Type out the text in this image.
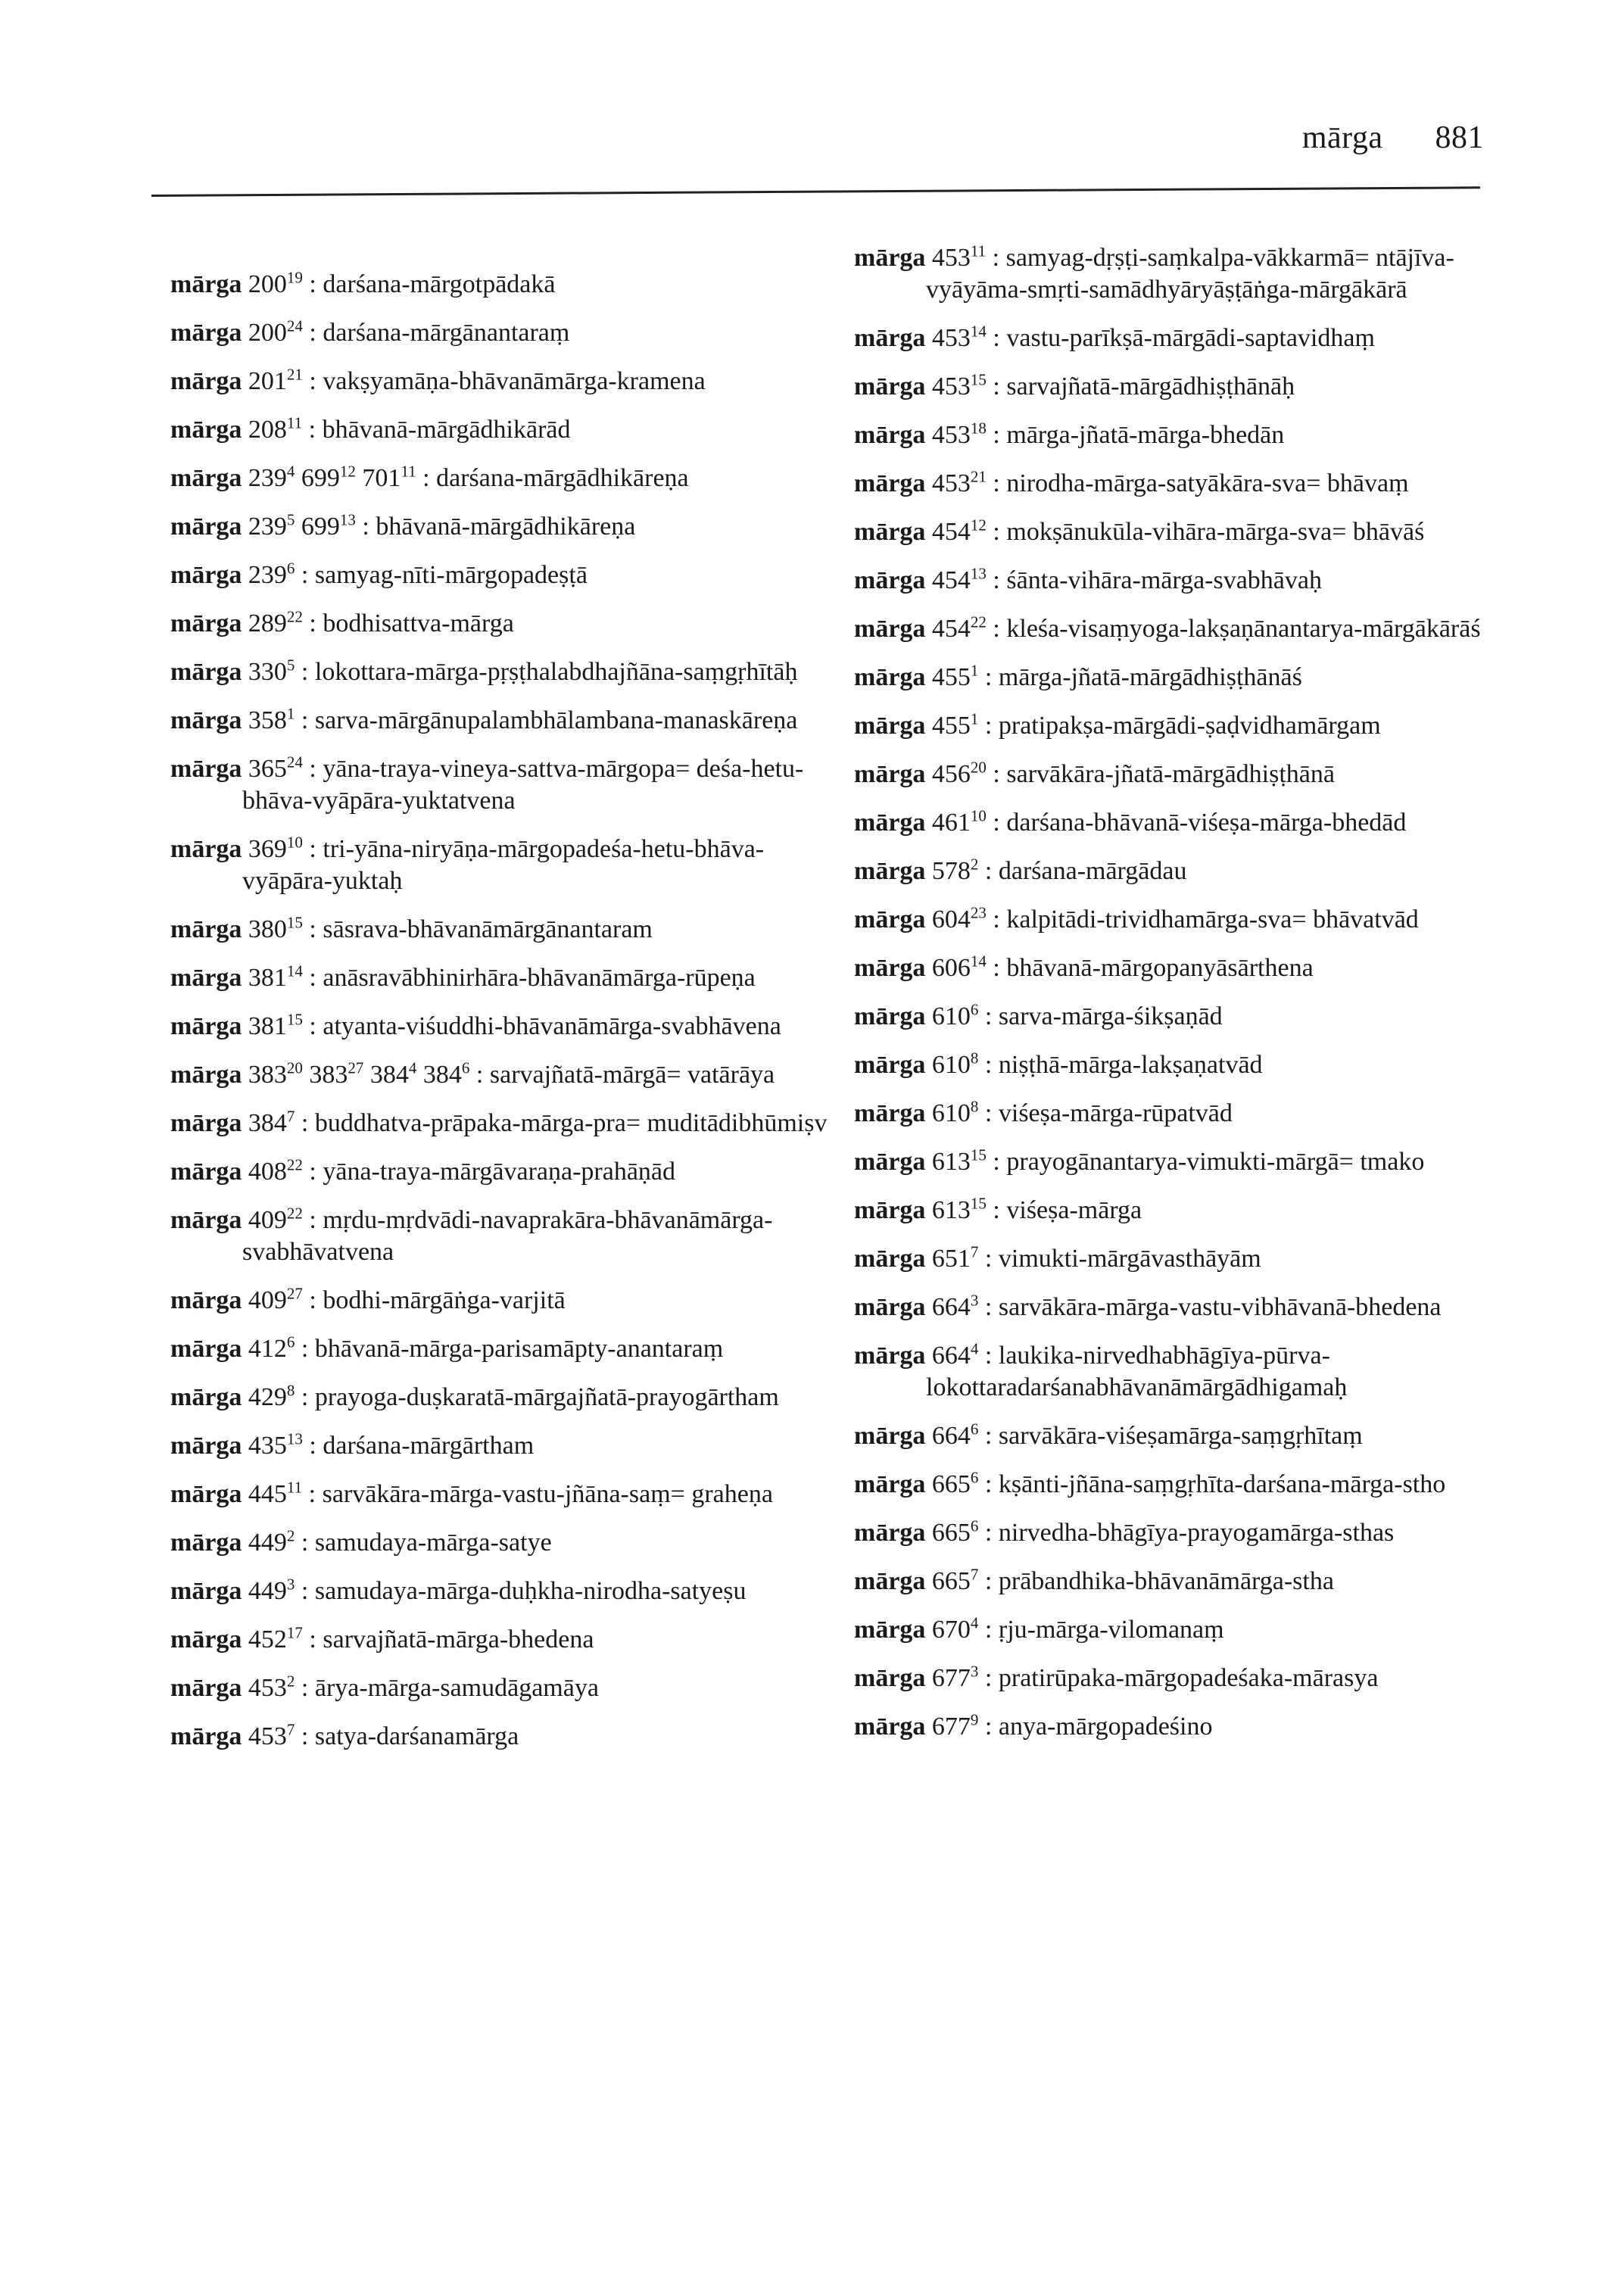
mārga 881
mārga $200^{19}$ : darśana-mārgotpādakā
mārga $200^{24}$ : darśana-mārgānantaraṃ
mārga $201^{21}$ : vakṣyamāṇa-bhāvanāmārga-kramena
mārga $208^{11}$ : bhāvanā-mārgādhikārād
mārga $239^4$ $699^{12}$ $701^{11}$ : darśana-mārgādhikāreṇa
mārga $239^5$ $699^{13}$ : bhāvanā-mārgādhikāreṇa
mārga $239^6$ : samyag-nīti-mārgopadeṣṭā
mārga $289^{22}$ : bodhisattva-mārga
mārga $330^5$ : lokottara-mārga-pṛṣṭhalabdhajñāna-saṃgṛhītāḥ
mārga $358^1$ : sarva-mārgānupalambhālambana-manaskāreṇa
mārga $365^{24}$ : yāna-traya-vineya-sattva-mārgopa= deśa-hetu-bhāva-vyāpāra-yuktatvena
mārga $369^{10}$ : tri-yāna-niryāṇa-mārgopadeśa-hetu-bhāva-vyāpāra-yuktaḥ
mārga $380^{15}$ : sāsrava-bhāvanāmārgānantaram
mārga $381^{14}$ : anāsravābhinirhāra-bhāvanāmārga-rūpeṇa
mārga $381^{15}$ : atyanta-viśuddhi-bhāvanāmārga-svabhāvena
mārga $383^{20}$ $383^{27}$ $384^4$ $384^6$ : sarvajñatā-mārgā= vatārāya
mārga $384^7$ : buddhatva-prāpaka-mārga-pra= muditādibhūmiṣv
mārga $408^{22}$ : yāna-traya-mārgāvaraṇa-prahāṇād
mārga $409^{22}$ : mṛdu-mṛdvādi-navaprakāra-bhāvanāmārga-svabhāvatvena
mārga $409^{27}$ : bodhi-mārgāṅga-varjitā
mārga $412^6$ : bhāvanā-mārga-parisamāpty-anantaraṃ
mārga $429^8$ : prayoga-duṣkaratā-mārgajñatā-prayogārtham
mārga $435^{13}$ : darśana-mārgārtham
mārga $445^{11}$ : sarvākāra-mārga-vastu-jñāna-saṃ= graheṇa
mārga $449^2$ : samudaya-mārga-satye
mārga $449^3$ : samudaya-mārga-duḥkha-nirodha-satyeṣu
mārga $452^{17}$ : sarvajñatā-mārga-bhedena
mārga $453^2$ : ārya-mārga-samudāgamāya
mārga $453^7$ : satya-darśanamārga
mārga $453^{11}$ : samyag-dṛṣṭi-saṃkalpa-vākkarmā= ntājīva-vyāyāma-smṛti-samādhyāryāṣṭāṅga-mārgākārā
mārga $453^{14}$ : vastu-parīkṣā-mārgādi-saptavidhaṃ
mārga $453^{15}$ : sarvajñatā-mārgādhiṣṭhānāḥ
mārga $453^{18}$ : mārga-jñatā-mārga-bhedān
mārga $453^{21}$ : nirodha-mārga-satyākāra-sva= bhāvaṃ
mārga $454^{12}$ : mokṣānukūla-vihāra-mārga-sva= bhāvāś
mārga $454^{13}$ : śānta-vihāra-mārga-svabhāvaḥ
mārga $454^{22}$ : kleśa-visaṃyoga-lakṣaṇānantarya-mārgākārāś
mārga $455^1$ : mārga-jñatā-mārgādhiṣṭhānāś
mārga $455^1$ : pratipakṣa-mārgādi-ṣaḍvidhamārgam
mārga $456^{20}$ : sarvākāra-jñatā-mārgādhiṣṭhānā
mārga $461^{10}$ : darśana-bhāvanā-viśeṣa-mārga-bhedād
mārga $578^2$ : darśana-mārgādau
mārga $604^{23}$ : kalpitādi-trividhamārga-sva= bhāvatvād
mārga $606^{14}$ : bhāvanā-mārgopanyāsārthena
mārga $610^6$ : sarva-mārga-śikṣaṇād
mārga $610^8$ : niṣṭhā-mārga-lakṣaṇatvād
mārga $610^8$ : viśeṣa-mārga-rūpatvād
mārga $613^{15}$ : prayogānantarya-vimukti-mārgā= tmako
mārga $613^{15}$ : viśeṣa-mārga
mārga $651^7$ : vimukti-mārgāvasthāyām
mārga $664^3$ : sarvākāra-mārga-vastu-vibhāvanā-bhedena
mārga $664^4$ : laukika-nirvedhabhāgīya-pūrva-lokottaradarśanabhāvanāmārgādhigamaḥ
mārga $664^6$ : sarvākāra-viśeṣamārga-saṃgṛhītaṃ
mārga $665^6$ : kṣānti-jñāna-saṃgṛhīta-darśana-mārga-stho
mārga $665^6$ : nirvedha-bhāgīya-prayogamārga-sthas
mārga $665^7$ : prābandhika-bhāvanāmārga-stha
mārga $670^4$ : ṛju-mārga-vilomanaṃ
mārga $677^3$ : pratirūpaka-mārgopadeśaka-mārasya
mārga $677^9$ : anya-mārgopadeśino
